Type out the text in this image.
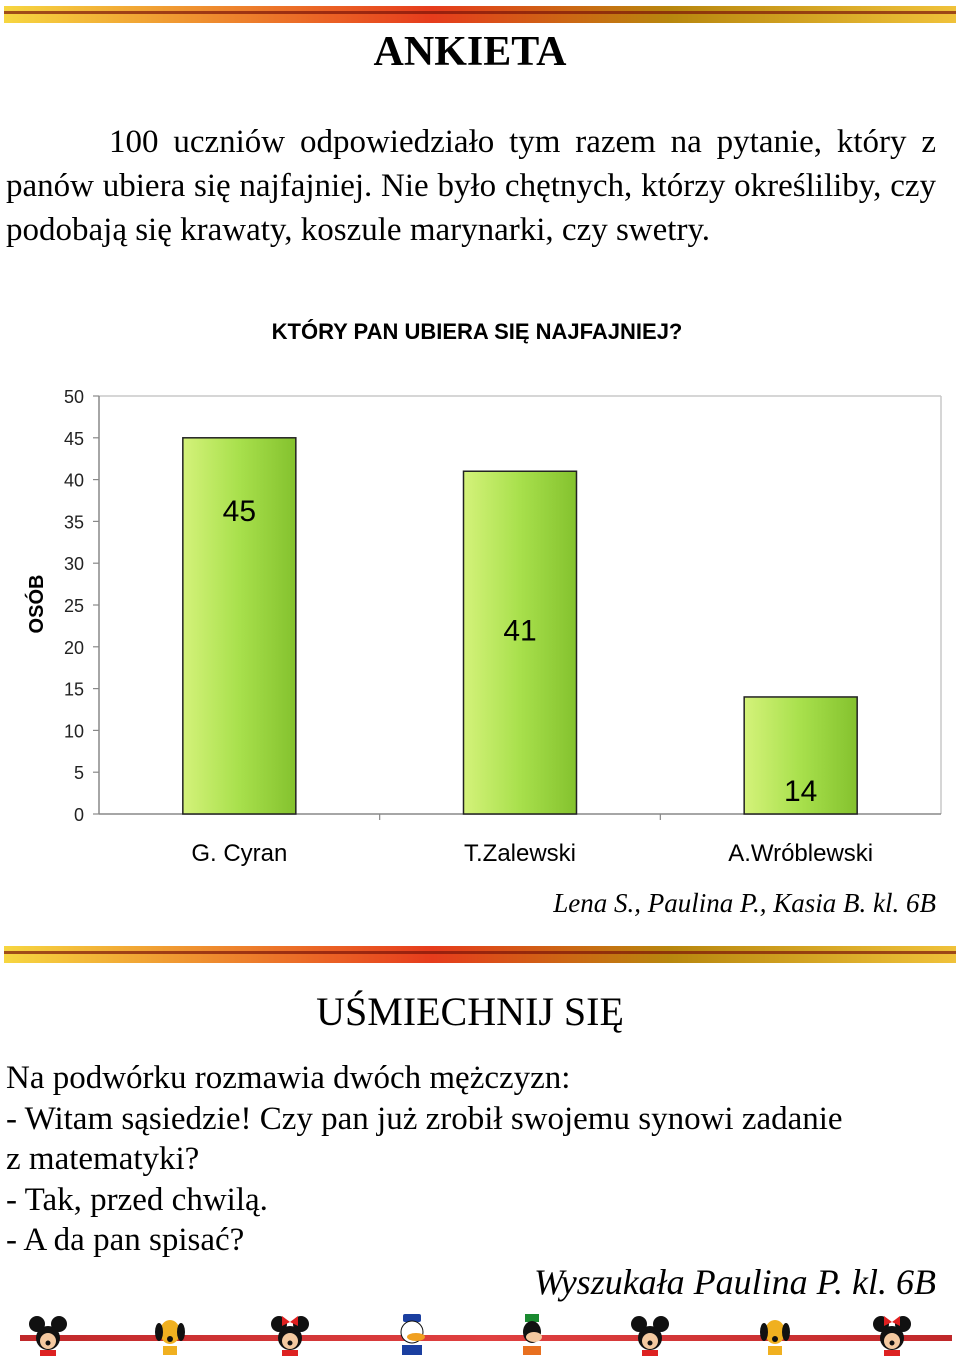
ANKIETA

100 uczniów odpowiedziało tym razem na pytanie, który z panów ubiera się najfajniej. Nie było chętnych, którzy określiliby, czy podobają się krawaty, koszule marynarki, czy swetry.

KTÓRY PAN UBIERA SIĘ NAJFAJNIEJ?
0
5
10
15
20
25
30
35
40
45
50
OSÓB
45
G. Cyran
41
T.Zalewski
14
A.Wróblewski
Lena S., Paulina P., Kasia B. kl. 6B
UŚMIECHNIJ SIĘ
Na podwórku rozmawia dwóch mężczyzn:
- Witam sąsiedzie! Czy pan już zrobił swojemu synowi zadanie
z matematyki?
- Tak, przed chwilą.
- A da pan spisać?
Wyszukała Paulina P. kl. 6B
